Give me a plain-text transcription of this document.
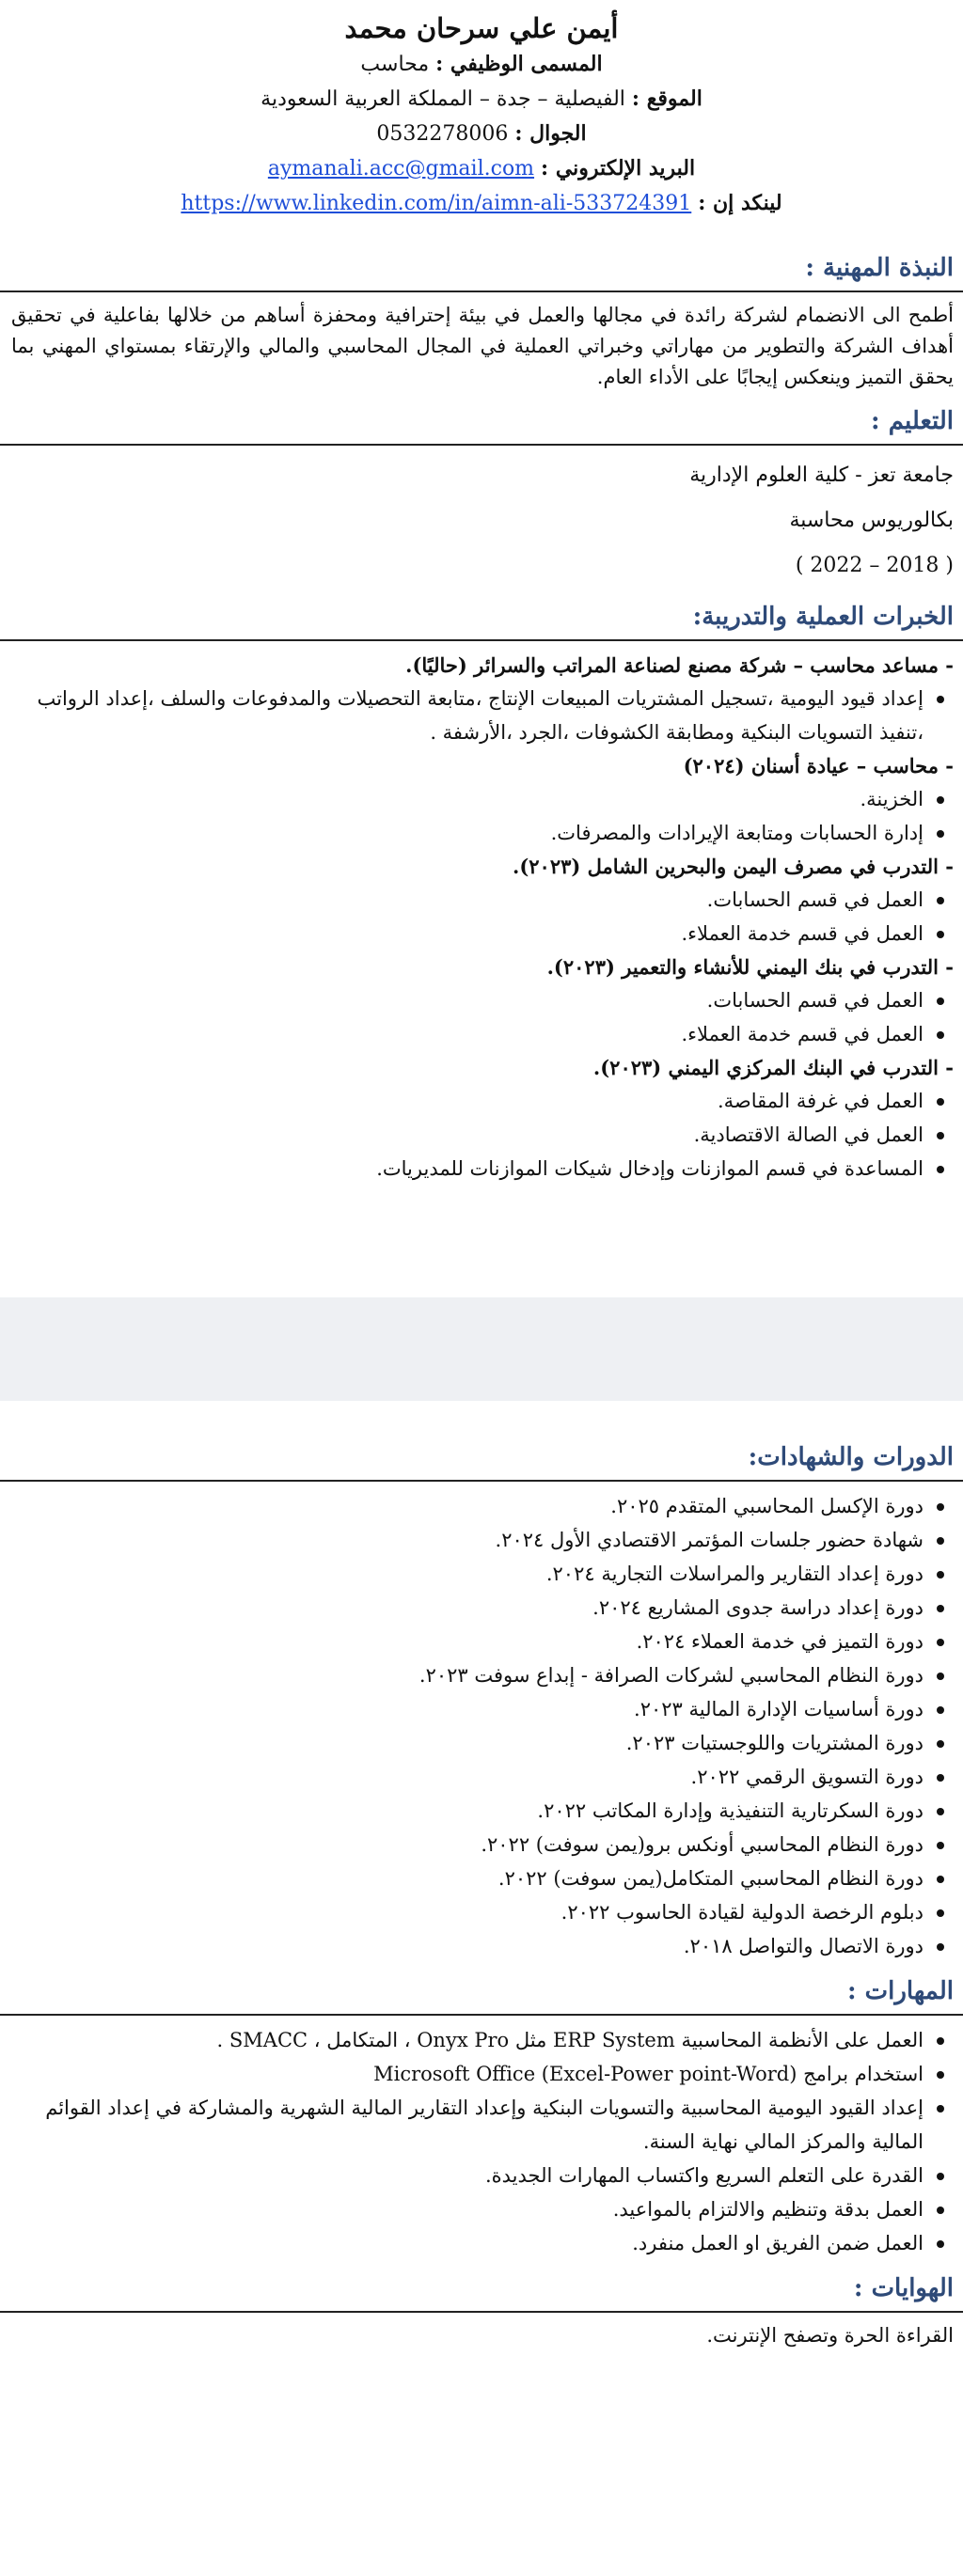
أيمن علي سرحان محمد
المسمى الوظيفي : محاسب
الموقع : الفيصلية – جدة – المملكة العربية السعودية
الجوال : 0532278006
البريد الإلكتروني : aymanali.acc@gmail.com
لينكد إن : https://www.linkedin.com/in/aimn-ali-533724391
النبذة المهنية :
أطمح الى الانضمام لشركة رائدة في مجالها والعمل في بيئة إحترافية ومحفزة أساهم من خلالها بفاعلية في تحقيق أهداف الشركة والتطوير من مهاراتي وخبراتي العملية في المجال المحاسبي والمالي والإرتقاء بمستواي المهني بما يحقق التميز وينعكس إيجابًا على الأداء العام.
التعليم :
جامعة تعز - كلية العلوم الإدارية
بكالوريوس محاسبة
( 2018 – 2022 )
الخبرات العملية والتدريبة:
- مساعد محاسب – شركة مصنع لصناعة المراتب والسرائر (حاليًا).
إعداد قيود اليومية ،تسجيل المشتريات المبيعات الإنتاج ،متابعة التحصيلات والمدفوعات والسلف ،إعداد الرواتب ،تنفيذ التسويات البنكية ومطابقة الكشوفات ،الجرد ،الأرشفة .
- محاسب – عيادة أسنان (٢٠٢٤)
الخزينة.
إدارة الحسابات ومتابعة الإيرادات والمصرفات.
- التدرب في مصرف اليمن والبحرين الشامل (٢٠٢٣).
العمل في قسم الحسابات.
العمل في قسم خدمة العملاء.
- التدرب في بنك اليمني للأنشاء والتعمير (٢٠٢٣).
العمل في قسم الحسابات.
العمل في قسم خدمة العملاء.
- التدرب في البنك المركزي اليمني (٢٠٢٣).
العمل في غرفة المقاصة.
العمل في الصالة الاقتصادية.
المساعدة في قسم الموازنات وإدخال شيكات الموازنات للمديريات.
الدورات والشهادات:
دورة الإكسل المحاسبي المتقدم ٢٠٢٥.
شهادة حضور جلسات المؤتمر الاقتصادي الأول ٢٠٢٤.
دورة إعداد التقارير والمراسلات التجارية ٢٠٢٤.
دورة إعداد دراسة جدوى المشاريع ٢٠٢٤.
دورة التميز في خدمة العملاء ٢٠٢٤.
دورة النظام المحاسبي لشركات الصرافة - إبداع سوفت ٢٠٢٣.
دورة أساسيات الإدارة المالية ٢٠٢٣.
دورة المشتريات واللوجستيات ٢٠٢٣.
دورة التسويق الرقمي ٢٠٢٢.
دورة السكرتارية التنفيذية وإدارة المكاتب ٢٠٢٢.
دورة النظام المحاسبي أونكس برو(يمن سوفت) ٢٠٢٢.
دورة النظام المحاسبي المتكامل(يمن سوفت) ٢٠٢٢.
دبلوم الرخصة الدولية لقيادة الحاسوب ٢٠٢٢.
دورة الاتصال والتواصل ٢٠١٨.
المهارات :
العمل على الأنظمة المحاسبية ERP System مثل Onyx Pro ، المتكامل ، SMACC .
استخدام برامج Microsoft Office (Excel-Power point-Word)
إعداد القيود اليومية المحاسبية والتسويات البنكية وإعداد التقارير المالية الشهرية والمشاركة في إعداد القوائم المالية والمركز المالي نهاية السنة.
القدرة على التعلم السريع واكتساب المهارات الجديدة.
العمل بدقة وتنظيم والالتزام بالمواعيد.
العمل ضمن الفريق او العمل منفرد.
الهوايات :
القراءة الحرة وتصفح الإنترنت.
